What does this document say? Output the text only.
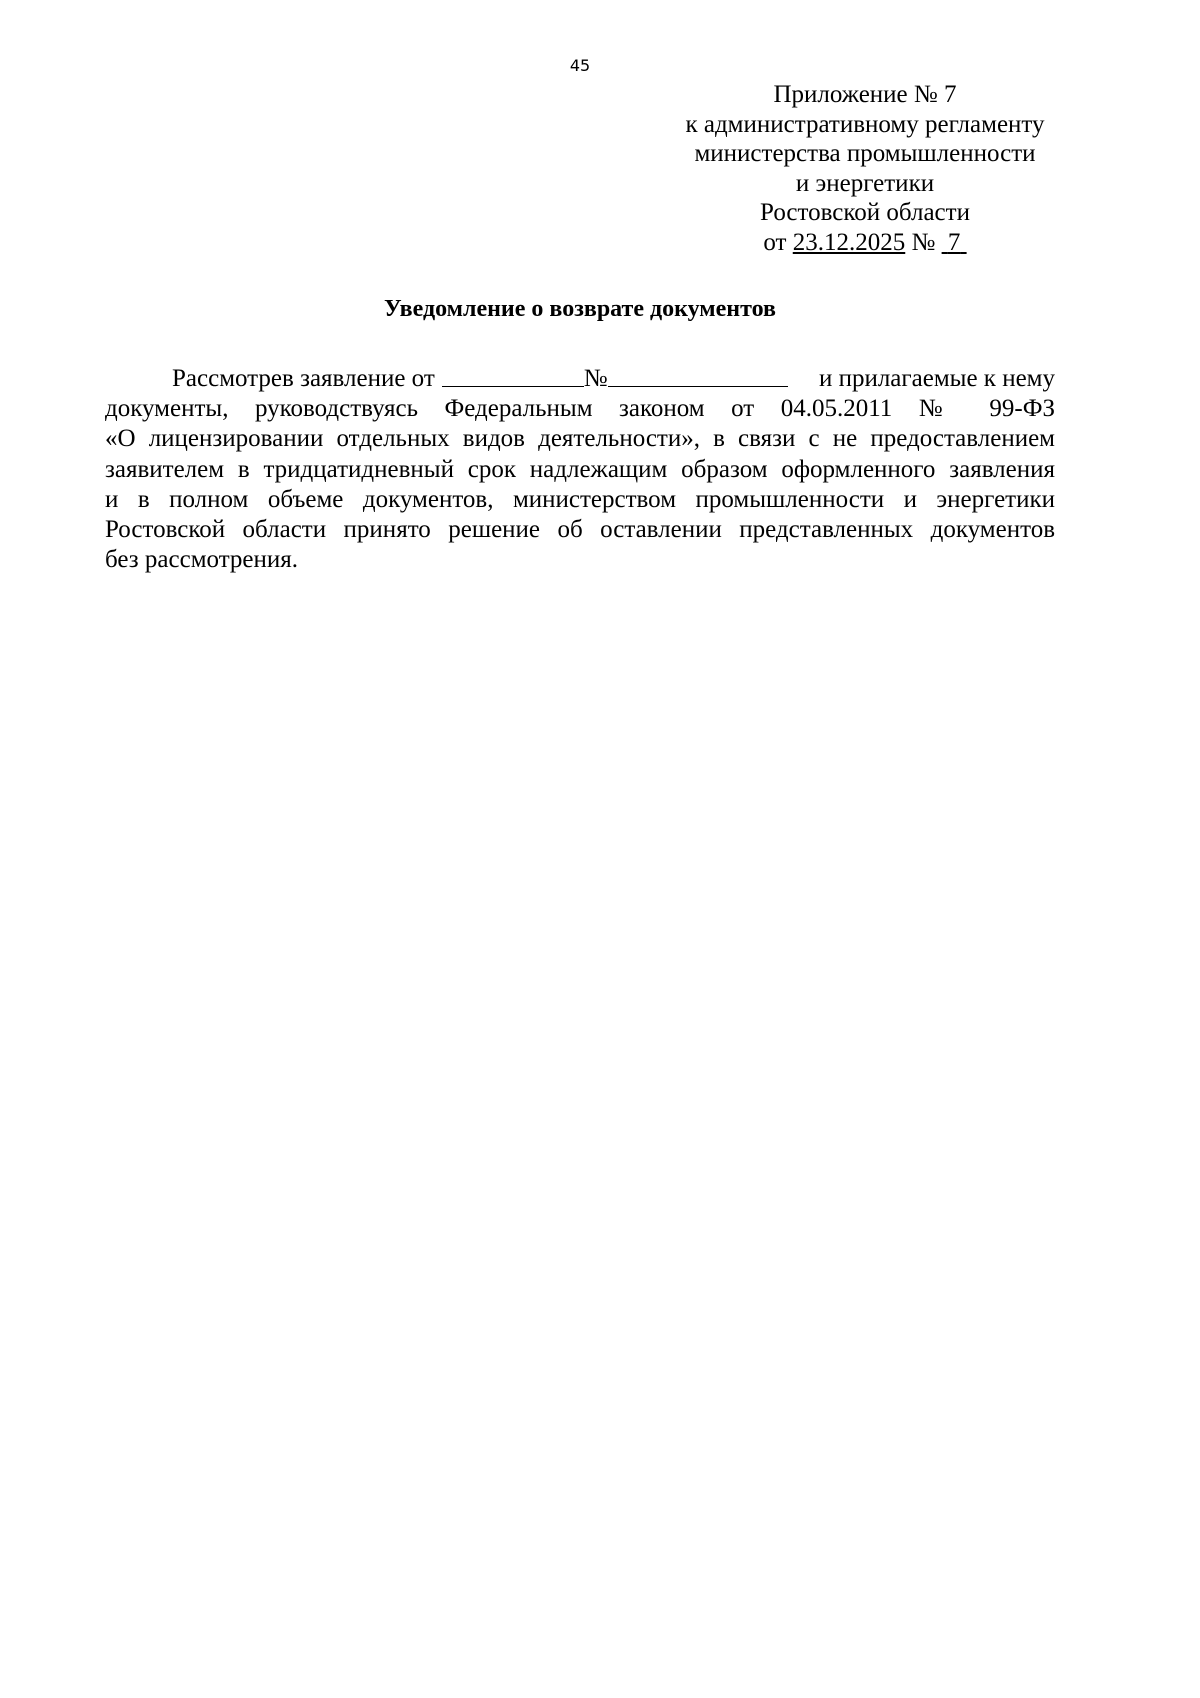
45
Приложение № 7
к административному регламенту
министерства промышленности
и энергетики
Ростовской области
от 23.12.2025 № 7
Уведомление о возврате документов
Рассмотрев заявление от	№	и прилагаемые к нему
документы, руководствуясь Федеральным законом от 04.05.2011 № 99-ФЗ
«О лицензировании отдельных видов деятельности», в связи с не предоставлением
заявителем в тридцатидневный срок надлежащим образом оформленного заявления
и в полном объеме документов, министерством промышленности и энергетики
Ростовской области принято решение об оставлении представленных документов
без рассмотрения.
